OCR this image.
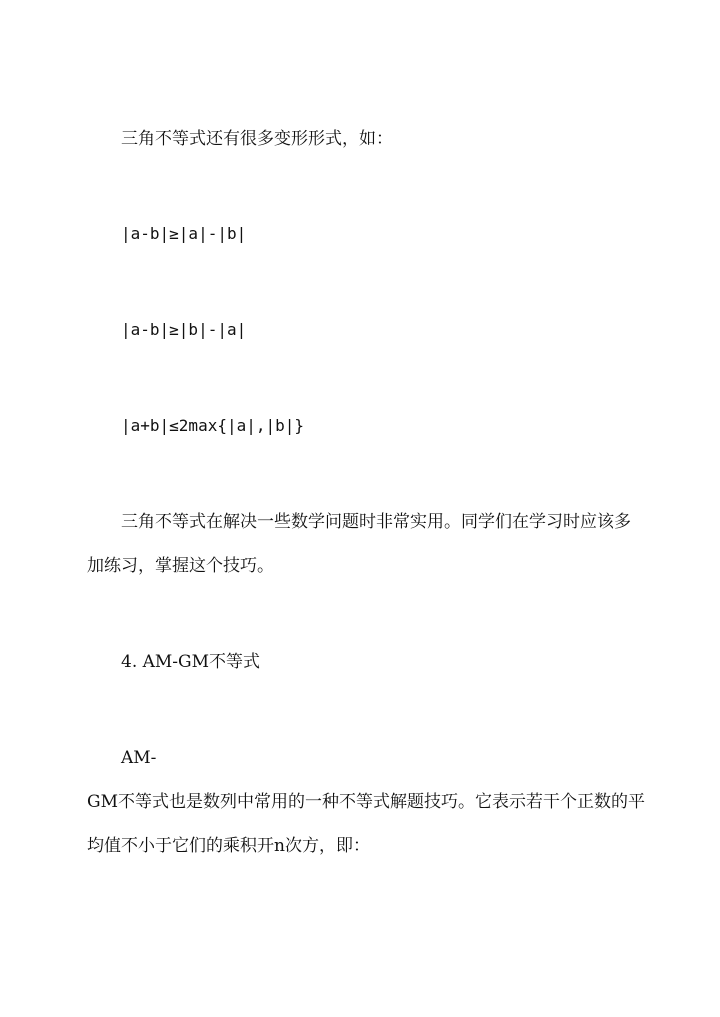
三角不等式还有很多变形形式，如：
|a-b|≥|a|-|b|
|a-b|≥|b|-|a|
|a+b|≤2max{|a|,|b|}
三角不等式在解决一些数学问题时非常实用。同学们在学习时应该多
加练习，掌握这个技巧。
4. AM-GM不等式
AM-
GM不等式也是数列中常用的一种不等式解题技巧。它表示若干个正数的平
均值不小于它们的乘积开n次方，即：
